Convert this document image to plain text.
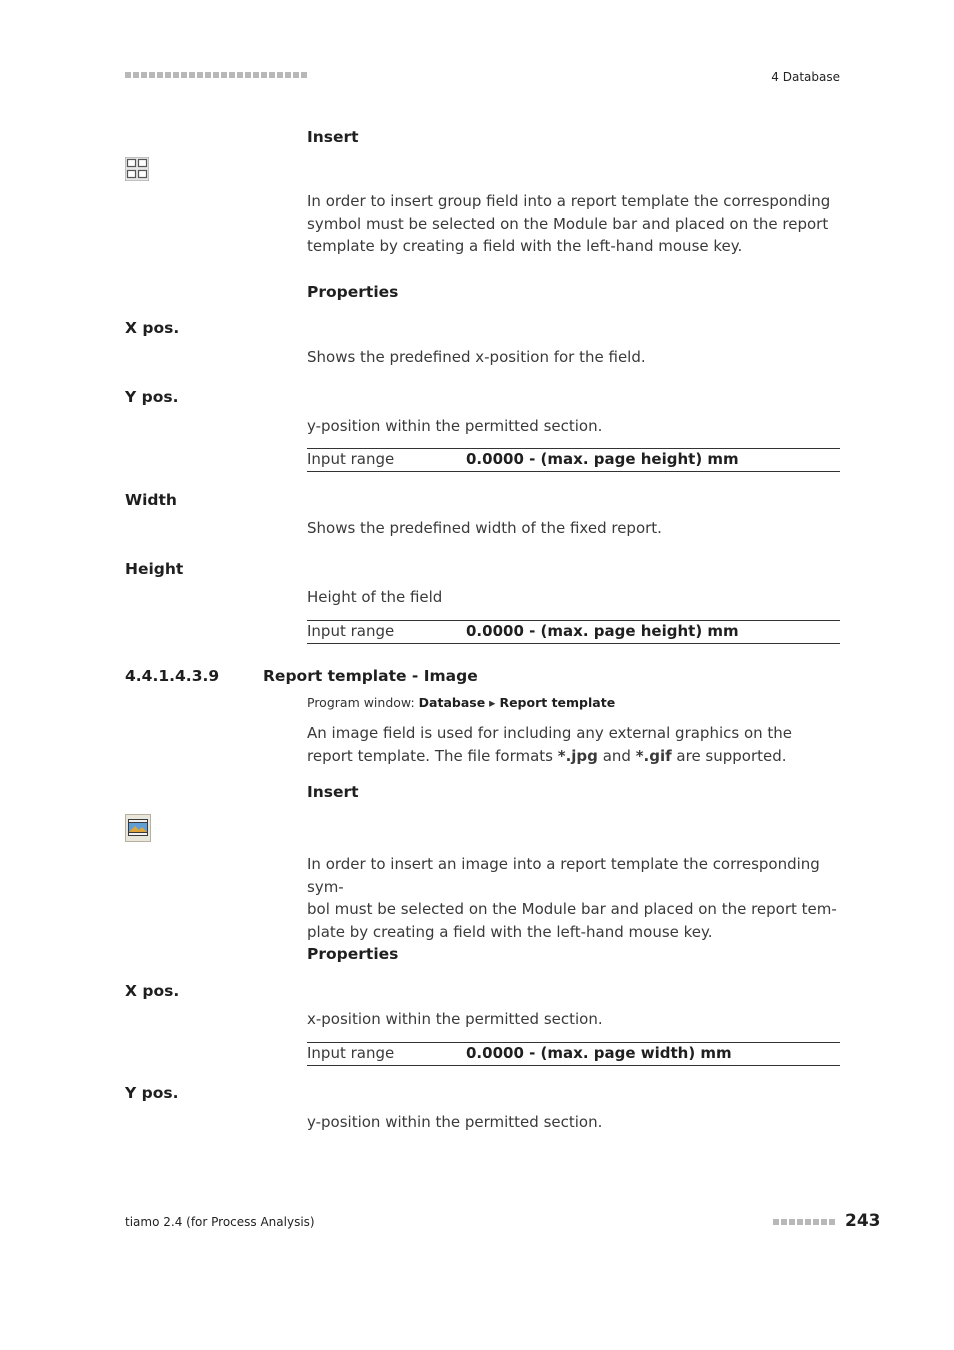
4 Database
Insert
In order to insert group field into a report template the corresponding symbol must be selected on the Module bar and placed on the report template by creating a field with the left-hand mouse key.
Properties
X pos.
Shows the predefined x-position for the field.
Y pos.
y-position within the permitted section.
Input range	0.0000 - (max. page height) mm
Width
Shows the predefined width of the fixed report.
Height
Height of the field
Input range	0.0000 - (max. page height) mm
4.4.1.4.3.9	Report template - Image
Program window: Database ▸ Report template
An image field is used for including any external graphics on the report template. The file formats *.jpg and *.gif are supported.
Insert
In order to insert an image into a report template the corresponding sym-
bol must be selected on the Module bar and placed on the report tem-
plate by creating a field with the left-hand mouse key.
Properties
X pos.
x-position within the permitted section.
Input range	0.0000 - (max. page width) mm
Y pos.
y-position within the permitted section.
tiamo 2.4 (for Process Analysis)	243
